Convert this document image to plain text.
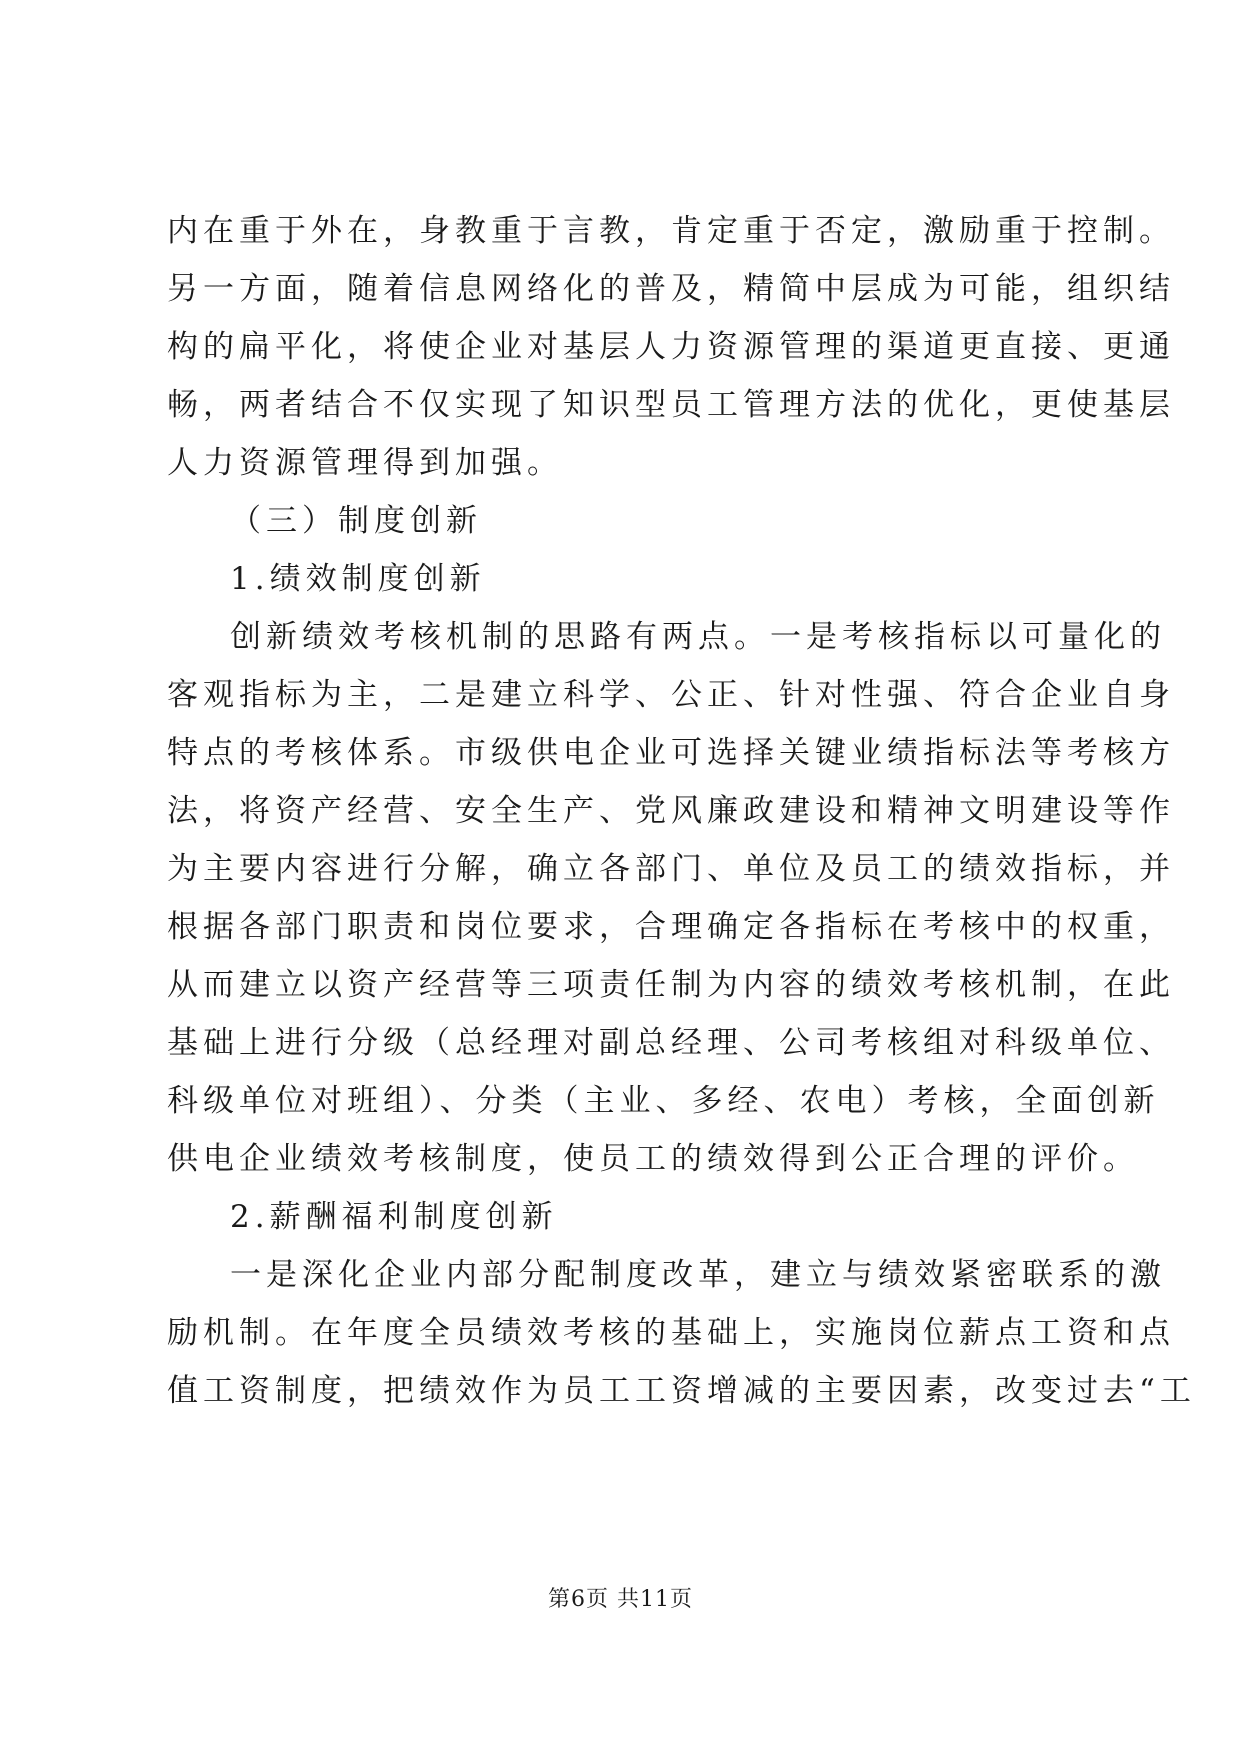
内在重于外在，身教重于言教，肯定重于否定，激励重于控制。
另一方面，随着信息网络化的普及，精简中层成为可能，组织结
构的扁平化，将使企业对基层人力资源管理的渠道更直接、更通
畅，两者结合不仅实现了知识型员工管理方法的优化，更使基层
人力资源管理得到加强。
（三）制度创新
1.绩效制度创新
创新绩效考核机制的思路有两点。一是考核指标以可量化的
客观指标为主，二是建立科学、公正、针对性强、符合企业自身
特点的考核体系。市级供电企业可选择关键业绩指标法等考核方
法，将资产经营、安全生产、党风廉政建设和精神文明建设等作
为主要内容进行分解，确立各部门、单位及员工的绩效指标，并
根据各部门职责和岗位要求，合理确定各指标在考核中的权重，
从而建立以资产经营等三项责任制为内容的绩效考核机制，在此
基础上进行分级（总经理对副总经理、公司考核组对科级单位、
科级单位对班组）、分类（主业、多经、农电）考核，全面创新
供电企业绩效考核制度，使员工的绩效得到公正合理的评价。
2.薪酬福利制度创新
一是深化企业内部分配制度改革，建立与绩效紧密联系的激
励机制。在年度全员绩效考核的基础上，实施岗位薪点工资和点
值工资制度，把绩效作为员工工资增减的主要因素，改变过去“工
第6页 共11页
